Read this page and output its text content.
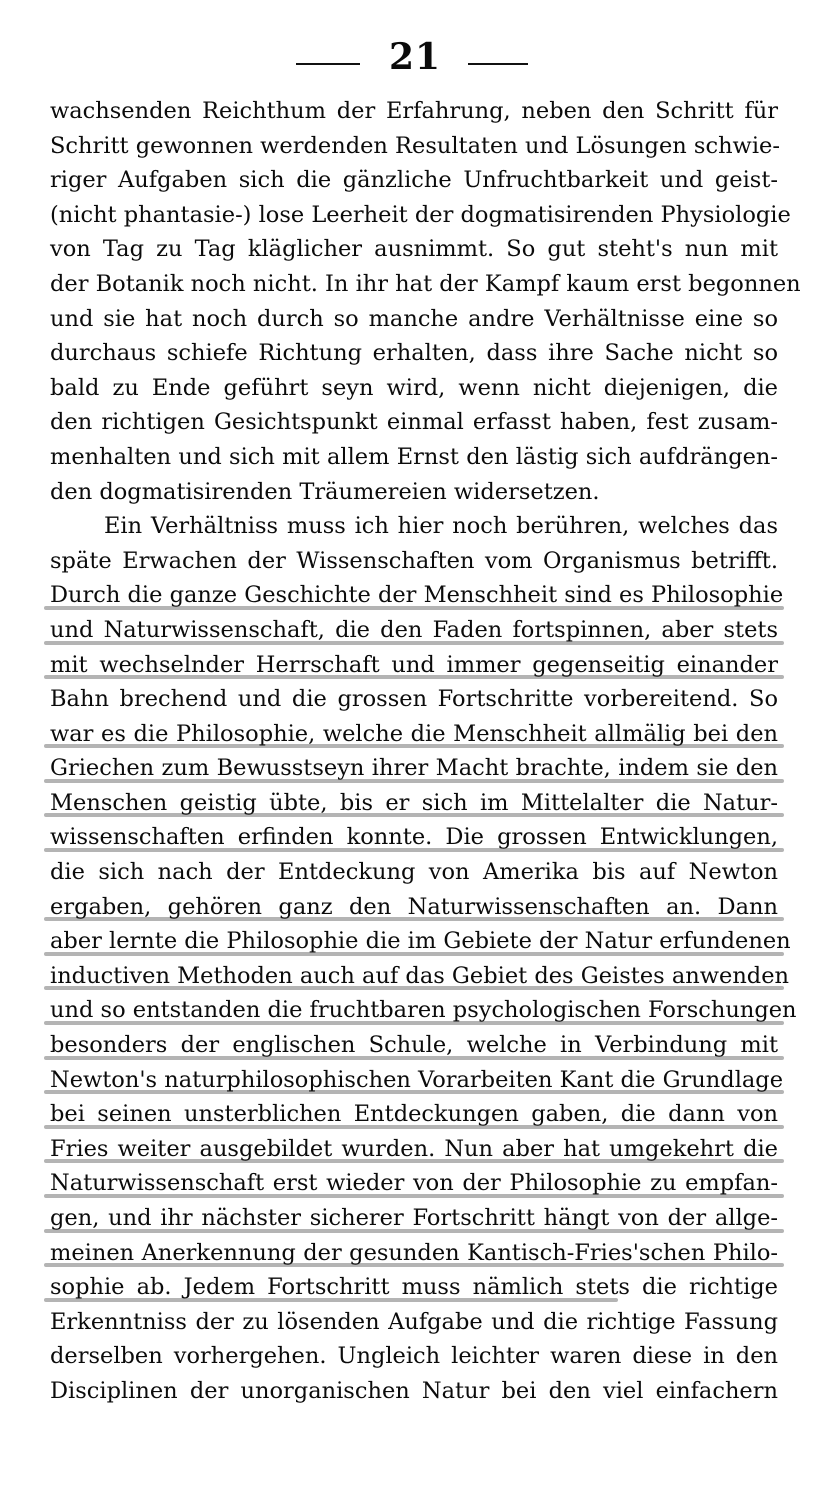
21
wachsenden Reichthum der Erfahrung, neben den Schritt für
Schritt gewonnen werdenden Resultaten und Lösungen schwie-
riger Aufgaben sich die gänzliche Unfruchtbarkeit und geist-
(nicht phantasie-) lose Leerheit der dogmatisirenden Physiologie
von Tag zu Tag kläglicher ausnimmt. So gut steht's nun mit
der Botanik noch nicht. In ihr hat der Kampf kaum erst begonnen
und sie hat noch durch so manche andre Verhältnisse eine so
durchaus schiefe Richtung erhalten, dass ihre Sache nicht so
bald zu Ende geführt seyn wird, wenn nicht diejenigen, die
den richtigen Gesichtspunkt einmal erfasst haben, fest zusam-
menhalten und sich mit allem Ernst den lästig sich aufdrängen-
den dogmatisirenden Träumereien widersetzen.
Ein Verhältniss muss ich hier noch berühren, welches das
späte Erwachen der Wissenschaften vom Organismus betrifft.
Durch die ganze Geschichte der Menschheit sind es Philosophie
und Naturwissenschaft, die den Faden fortspinnen, aber stets
mit wechselnder Herrschaft und immer gegenseitig einander
Bahn brechend und die grossen Fortschritte vorbereitend. So
war es die Philosophie, welche die Menschheit allmälig bei den
Griechen zum Bewusstseyn ihrer Macht brachte, indem sie den
Menschen geistig übte, bis er sich im Mittelalter die Natur-
wissenschaften erfinden konnte. Die grossen Entwicklungen,
die sich nach der Entdeckung von Amerika bis auf Newton
ergaben, gehören ganz den Naturwissenschaften an. Dann
aber lernte die Philosophie die im Gebiete der Natur erfundenen
inductiven Methoden auch auf das Gebiet des Geistes anwenden
und so entstanden die fruchtbaren psychologischen Forschungen
besonders der englischen Schule, welche in Verbindung mit
Newton's naturphilosophischen Vorarbeiten Kant die Grundlage
bei seinen unsterblichen Entdeckungen gaben, die dann von
Fries weiter ausgebildet wurden. Nun aber hat umgekehrt die
Naturwissenschaft erst wieder von der Philosophie zu empfan-
gen, und ihr nächster sicherer Fortschritt hängt von der allge-
meinen Anerkennung der gesunden Kantisch-Fries'schen Philo-
sophie ab. Jedem Fortschritt muss nämlich stets die richtige
Erkenntniss der zu lösenden Aufgabe und die richtige Fassung
derselben vorhergehen. Ungleich leichter waren diese in den
Disciplinen der unorganischen Natur bei den viel einfachern
